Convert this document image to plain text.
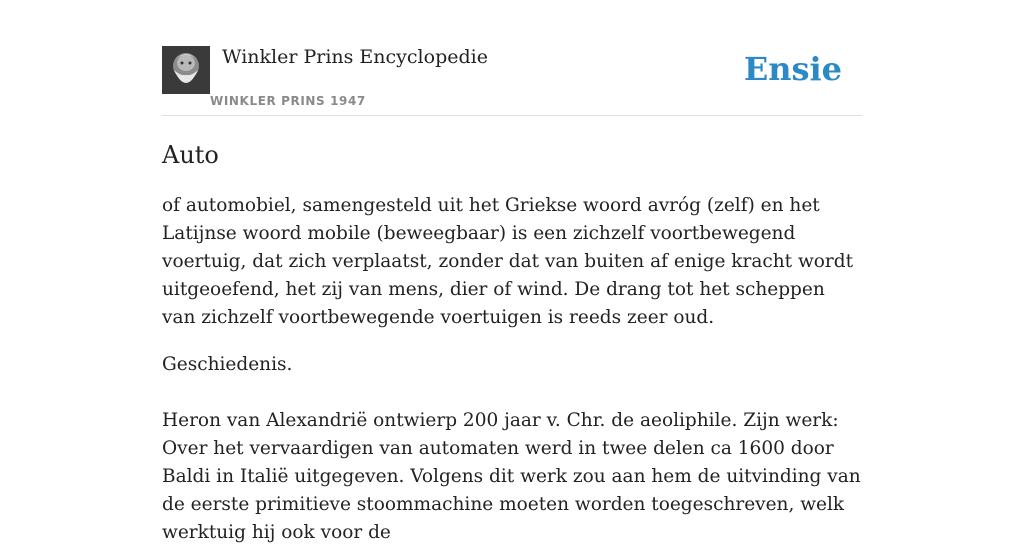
Winkler Prins Encyclopedie
WINKLER PRINS 1947
Ensie
Auto

of automobiel, samengesteld uit het Griekse woord avróg (zelf) en het Latijnse woord mobile (beweegbaar) is een zichzelf voortbewegend voertuig, dat zich verplaatst, zonder dat van buiten af enige kracht wordt uitgeoefend, het zij van mens, dier of wind. De drang tot het scheppen van zichzelf voortbewegende voertuigen is reeds zeer oud.

Geschiedenis.

Heron van Alexandrië ontwierp 200 jaar v. Chr. de aeoliphile. Zijn werk: Over het vervaardigen van automaten werd in twee delen ca 1600 door Baldi in Italië uitgegeven. Volgens dit werk zou aan hem de uitvinding van de eerste primitieve stoommachine moeten worden toegeschreven, welk werktuig hij ook voor de
